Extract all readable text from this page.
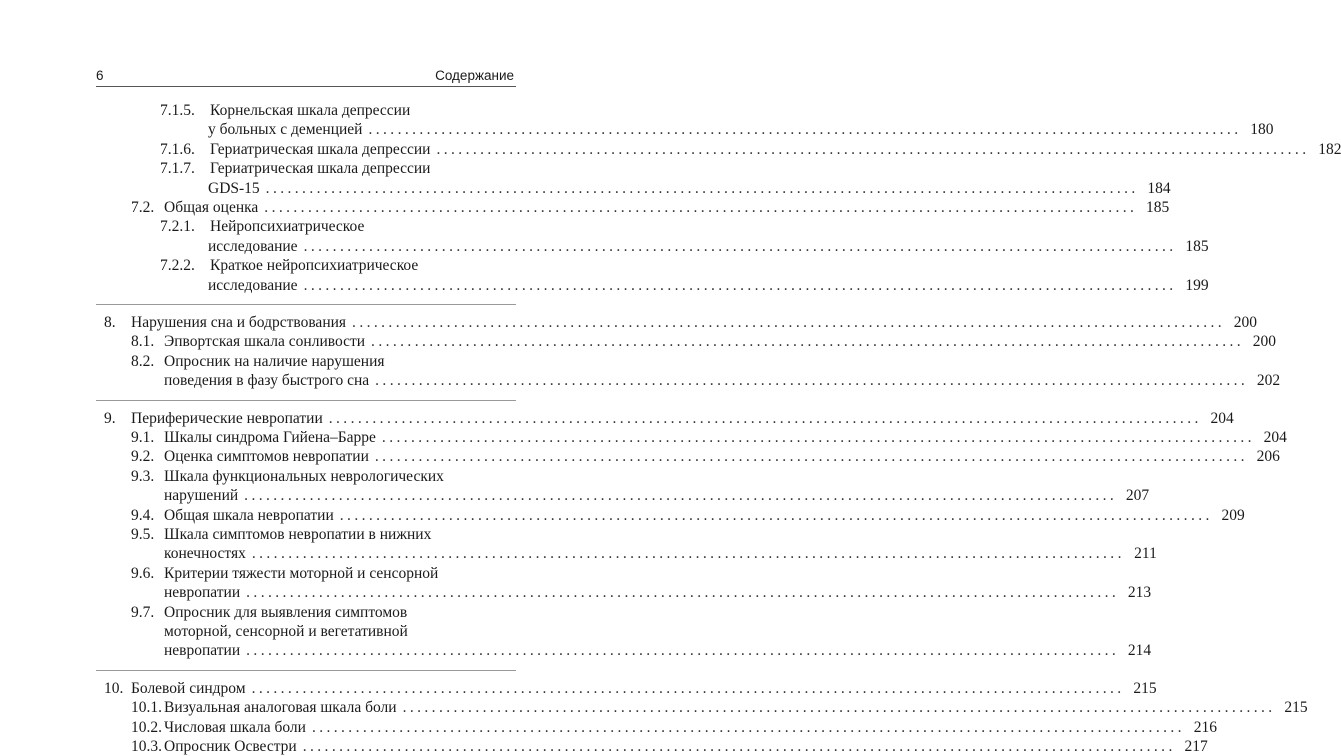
6	Содержание
7.1.5. Корнельская шкала депрессии
у больных с деменцией ........................................................................................................................ 180
7.1.6. Гериатрическая шкала депрессии ........................................................................................................................ 182
7.1.7. Гериатрическая шкала депрессии
GDS-15 ........................................................................................................................ 184
7.2. Общая оценка ........................................................................................................................ 185
7.2.1. Нейропсихиатрическое
исследование ........................................................................................................................ 185
7.2.2. Краткое нейропсихиатрическое
исследование ........................................................................................................................ 199
8. Нарушения сна и бодрствования ........................................................................................................................ 200
8.1. Эпвортская шкала сонливости ........................................................................................................................ 200
8.2. Опросник на наличие нарушения
поведения в фазу быстрого сна ........................................................................................................................ 202
9. Периферические невропатии ........................................................................................................................ 204
9.1. Шкалы синдрома Гийена–Барре ........................................................................................................................ 204
9.2. Оценка симптомов невропатии ........................................................................................................................ 206
9.3. Шкала функциональных неврологических
нарушений ........................................................................................................................ 207
9.4. Общая шкала невропатии ........................................................................................................................ 209
9.5. Шкала симптомов невропатии в нижних
конечностях ........................................................................................................................ 211
9.6. Критерии тяжести моторной и сенсорной
невропатии ........................................................................................................................ 213
9.7. Опросник для выявления симптомов
моторной, сенсорной и вегетативной
невропатии ........................................................................................................................ 214
10. Болевой синдром ........................................................................................................................ 215
10.1. Визуальная аналоговая шкала боли ........................................................................................................................ 215
10.2. Числовая шкала боли ........................................................................................................................ 216
10.3. Опросник Освестри ........................................................................................................................ 217
